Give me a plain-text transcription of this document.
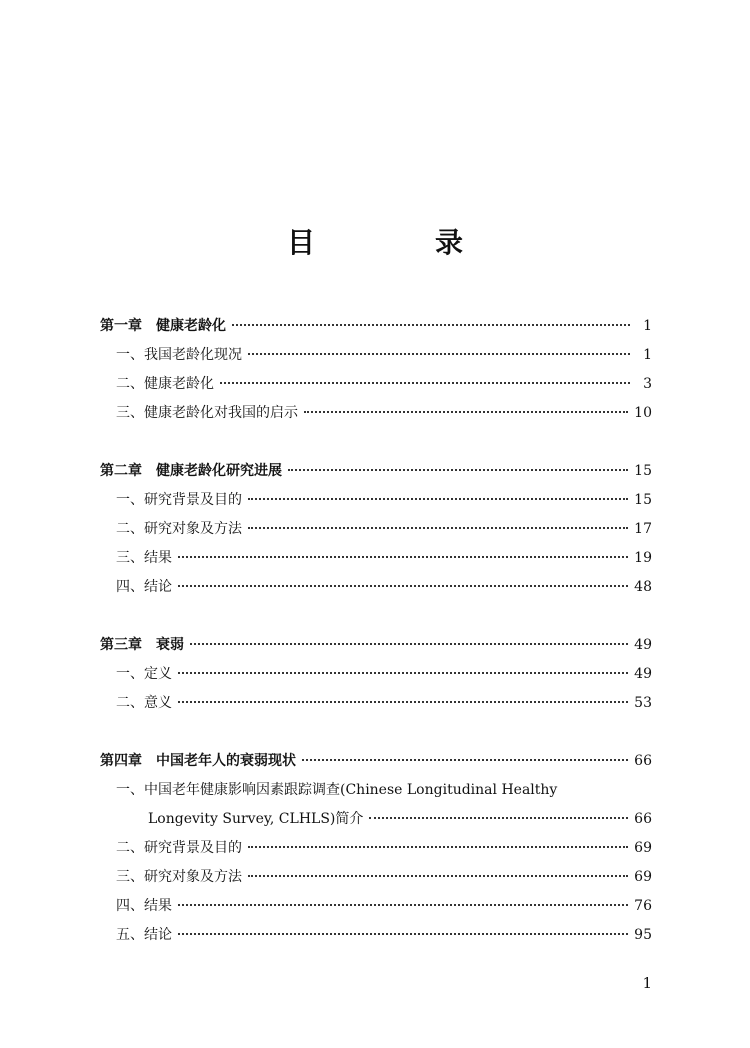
目　录
第一章 健康老龄化	1
一、我国老龄化现况	1
二、健康老龄化	3
三、健康老龄化对我国的启示	10
第二章 健康老龄化研究进展	15
一、研究背景及目的	15
二、研究对象及方法	17
三、结果	19
四、结论	48
第三章 衰弱	49
一、定义	49
二、意义	53
第四章 中国老年人的衰弱现状	66
一、中国老年健康影响因素跟踪调查(Chinese Longitudinal Healthy
Longevity Survey, CLHLS)简介	66
二、研究背景及目的	69
三、研究对象及方法	69
四、结果	76
五、结论	95
1
